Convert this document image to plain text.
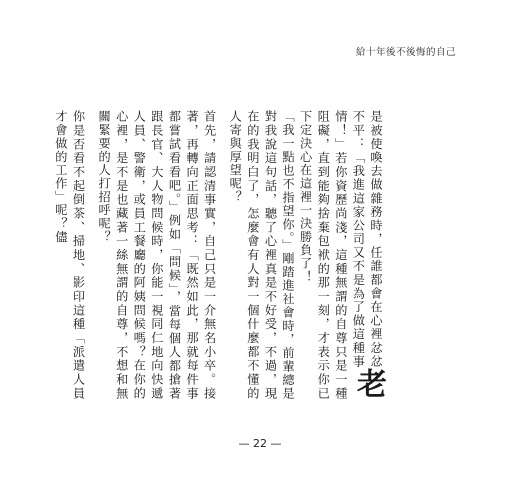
給十年後不後悔的自己

老
是被使喚去做雜務時，任誰都會在心裡忿忿不平：「我進這家公司又不是為了做這種事情！」若你資歷尚淺，這種無謂的自尊只是一種阻礙，直到能夠捨棄包袱的那一刻，才表示你已下定決心在這裡一決勝負了！

「我一點也不指望你。」剛踏進社會時，前輩總是對我說這句話，聽了心裡真是不好受，不過，現在的我明白了，怎麼會有人對一個什麼都不懂的人寄與厚望呢？

首先，請認清事實，自己只是一介無名小卒。接著，再轉向正面思考：「既然如此，那就每件事都嘗試看看吧。」例如「問候」，當每個人都搶著跟長官、大人物問候時，你能一視同仁地向快遞人員、警衛，或員工餐廳的阿姨問候嗎？在你的心裡，是不是也藏著一絲無謂的自尊，不想和無關緊要的人打招呼呢？

你是否看不起倒茶、掃地、影印這種「派遣人員才會做的工作」呢？儘

— 22 —
